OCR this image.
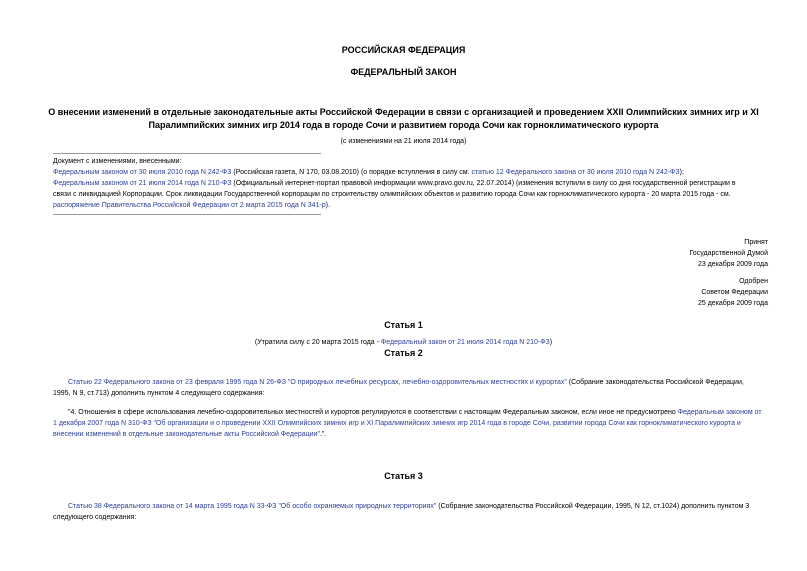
РОССИЙСКАЯ ФЕДЕРАЦИЯ
ФЕДЕРАЛЬНЫЙ ЗАКОН
О внесении изменений в отдельные законодательные акты Российской Федерации в связи с организацией и проведением XXII Олимпийских зимних игр и XI
Паралимпийских зимних игр 2014 года в городе Сочи и развитием города Сочи как горноклиматического курорта
(с изменениями на 21 июля 2014 года)
Документ с изменениями, внесенными:
Федеральным законом от 30 июля 2010 года N 242-ФЗ (Российская газета, N 170, 03.08.2010) (о порядке вступления в силу см. статью 12 Федерального закона от 30 июля 2010 года N 242-ФЗ);
Федеральным законом от 21 июля 2014 года N 210-ФЗ (Официальный интернет-портал правовой информации www.pravo.gov.ru, 22.07.2014) (изменения вступили в силу со дня государственной регистрации в
связи с ликвидацией Корпорации. Срок ликвидации Государственной корпорации по строительству олимпийских объектов и развитию города Сочи как горноклиматического курорта - 20 марта 2015 года - см.
распоряжение Правительства Российской Федерации от 2 марта 2015 года N 341-р).
Принят
Государственной Думой
23 декабря 2009 года
Одобрен
Советом Федерации
25 декабря 2009 года
Статья 1
(Утратила силу с 20 марта 2015 года - Федеральный закон от 21 июля 2014 года N 210-ФЗ)
Статья 2
Статью 22 Федерального закона от 23 февраля 1995 года N 26-ФЗ "О природных лечебных ресурсах, лечебно-оздоровительных местностях и курортах" (Собрание законодательства Российской Федерации,
1995, N 9, ст.713) дополнить пунктом 4 следующего содержания:
"4. Отношения в сфере использования лечебно-оздоровительных местностей и курортов регулируются в соответствии с настоящим Федеральным законом, если иное не предусмотрено Федеральным законом от
1 декабря 2007 года N 310-ФЗ "Об организации и о проведении XXII Олимпийских зимних игр и XI Паралимпийских зимних игр 2014 года в городе Сочи, развитии города Сочи как горноклиматического курорта и
внесении изменений в отдельные законодательные акты Российской Федерации".".
Статья 3
Статью 38 Федерального закона от 14 марта 1995 года N 33-ФЗ "Об особо охраняемых природных территориях" (Собрание законодательства Российской Федерации, 1995, N 12, ст.1024) дополнить пунктом 3
следующего содержания:
